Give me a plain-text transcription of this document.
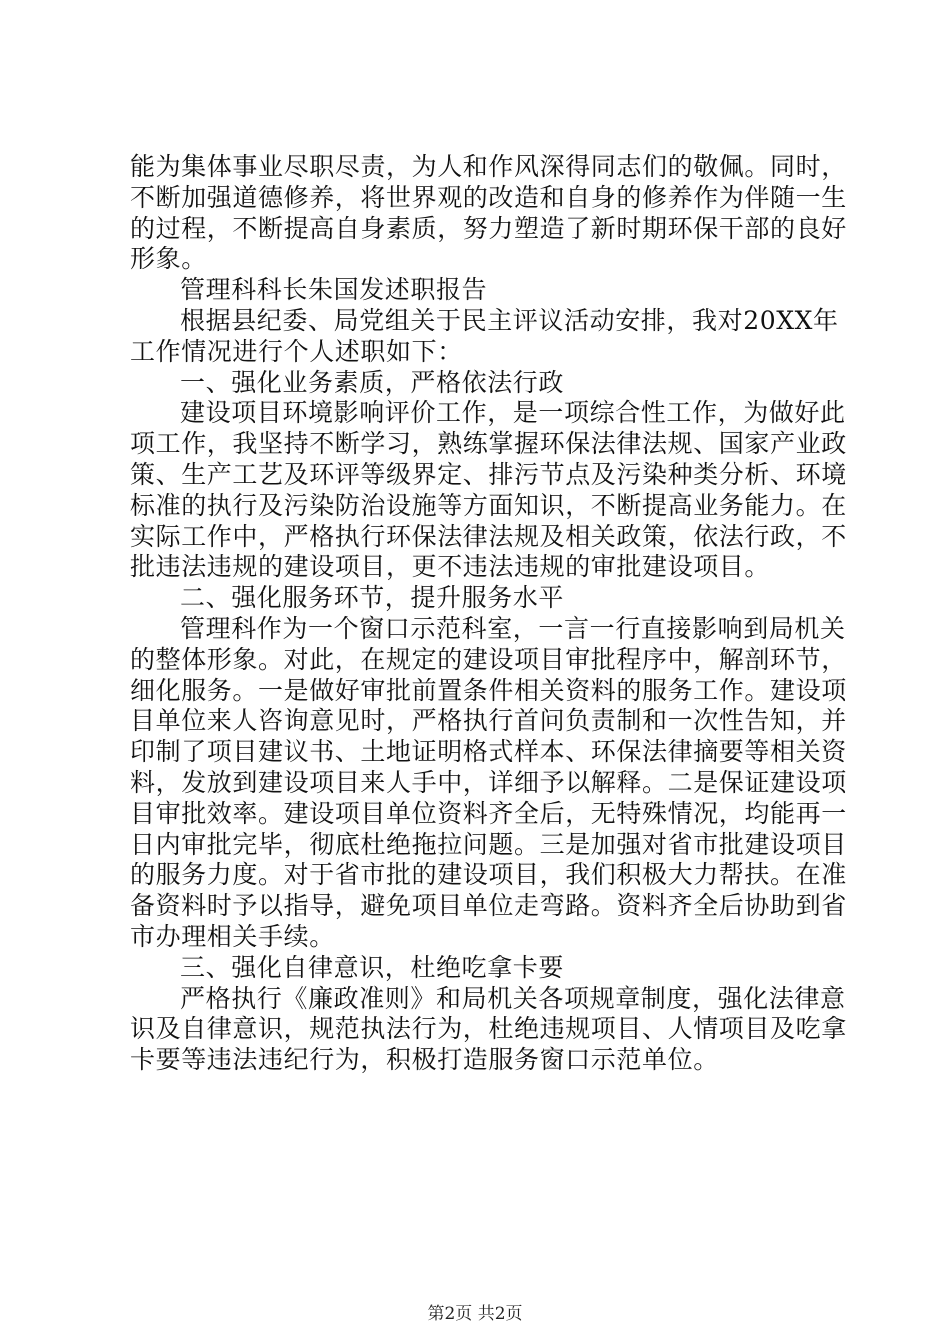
能为集体事业尽职尽责，为人和作风深得同志们的敬佩。同时，不断加强道德修养，将世界观的改造和自身的修养作为伴随一生的过程，不断提高自身素质，努力塑造了新时期环保干部的良好形象。

管理科科长朱国发述职报告

根据县纪委、局党组关于民主评议活动安排，我对20XX年工作情况进行个人述职如下：

一、强化业务素质，严格依法行政

建设项目环境影响评价工作，是一项综合性工作，为做好此项工作，我坚持不断学习，熟练掌握环保法律法规、国家产业政策、生产工艺及环评等级界定、排污节点及污染种类分析、环境标准的执行及污染防治设施等方面知识，不断提高业务能力。在实际工作中，严格执行环保法律法规及相关政策，依法行政，不批违法违规的建设项目，更不违法违规的审批建设项目。

二、强化服务环节，提升服务水平

管理科作为一个窗口示范科室，一言一行直接影响到局机关的整体形象。对此，在规定的建设项目审批程序中，解剖环节，细化服务。一是做好审批前置条件相关资料的服务工作。建设项目单位来人咨询意见时，严格执行首问负责制和一次性告知，并印制了项目建议书、土地证明格式样本、环保法律摘要等相关资料，发放到建设项目来人手中，详细予以解释。二是保证建设项目审批效率。建设项目单位资料齐全后，无特殊情况，均能再一日内审批完毕，彻底杜绝拖拉问题。三是加强对省市批建设项目的服务力度。对于省市批的建设项目，我们积极大力帮扶。在准备资料时予以指导，避免项目单位走弯路。资料齐全后协助到省市办理相关手续。

三、强化自律意识，杜绝吃拿卡要

严格执行《廉政准则》和局机关各项规章制度，强化法律意识及自律意识，规范执法行为，杜绝违规项目、人情项目及吃拿卡要等违法违纪行为，积极打造服务窗口示范单位。

第2页 共2页
